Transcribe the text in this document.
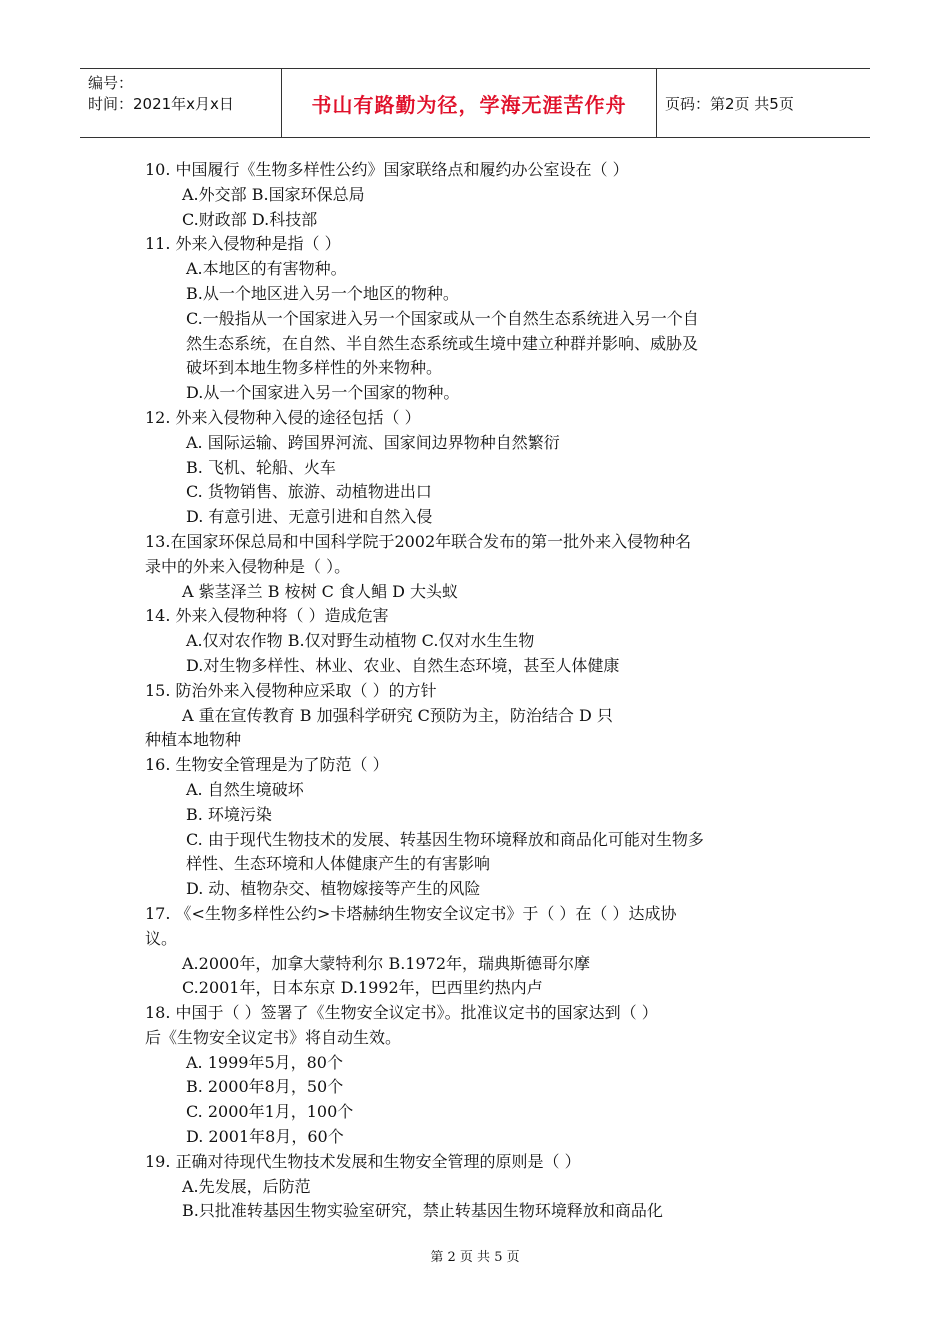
编号：
时间：2021年x月x日	书山有路勤为径，学海无涯苦作舟	页码：第2页 共5页
10. 中国履行《生物多样性公约》国家联络点和履约办公室设在（ ）
A.外交部 B.国家环保总局
C.财政部 D.科技部
11. 外来入侵物种是指（ ）
A.本地区的有害物种。
B.从一个地区进入另一个地区的物种。
C.一般指从一个国家进入另一个国家或从一个自然生态系统进入另一个自
然生态系统，在自然、半自然生态系统或生境中建立种群并影响、威胁及
破坏到本地生物多样性的外来物种。
D.从一个国家进入另一个国家的物种。
12. 外来入侵物种入侵的途径包括（ ）
A. 国际运输、跨国界河流、国家间边界物种自然繁衍
B. 飞机、轮船、火车
C. 货物销售、旅游、动植物进出口
D. 有意引进、无意引进和自然入侵
13.在国家环保总局和中国科学院于2002年联合发布的第一批外来入侵物种名
录中的外来入侵物种是（ ）。
A 紫茎泽兰 B 桉树 C 食人鲳 D 大头蚁
14. 外来入侵物种将（ ）造成危害
A.仅对农作物 B.仅对野生动植物 C.仅对水生生物
D.对生物多样性、林业、农业、自然生态环境，甚至人体健康
15. 防治外来入侵物种应采取（ ）的方针
A 重在宣传教育 B 加强科学研究 C预防为主，防治结合 D 只
种植本地物种
16. 生物安全管理是为了防范（ ）
A. 自然生境破坏
B. 环境污染
C. 由于现代生物技术的发展、转基因生物环境释放和商品化可能对生物多
样性、生态环境和人体健康产生的有害影响
D. 动、植物杂交、植物嫁接等产生的风险
17. 《<生物多样性公约>卡塔赫纳生物安全议定书》于（ ）在（ ）达成协
议。
A.2000年，加拿大蒙特利尔 B.1972年，瑞典斯德哥尔摩
C.2001年，日本东京 D.1992年，巴西里约热内卢
18. 中国于（ ）签署了《生物安全议定书》。批准议定书的国家达到（ ）
后《生物安全议定书》将自动生效。
A. 1999年5月，80个
B. 2000年8月，50个
C. 2000年1月，100个
D. 2001年8月，60个
19. 正确对待现代生物技术发展和生物安全管理的原则是（ ）
A.先发展，后防范
B.只批准转基因生物实验室研究，禁止转基因生物环境释放和商品化
第 2 页 共 5 页
